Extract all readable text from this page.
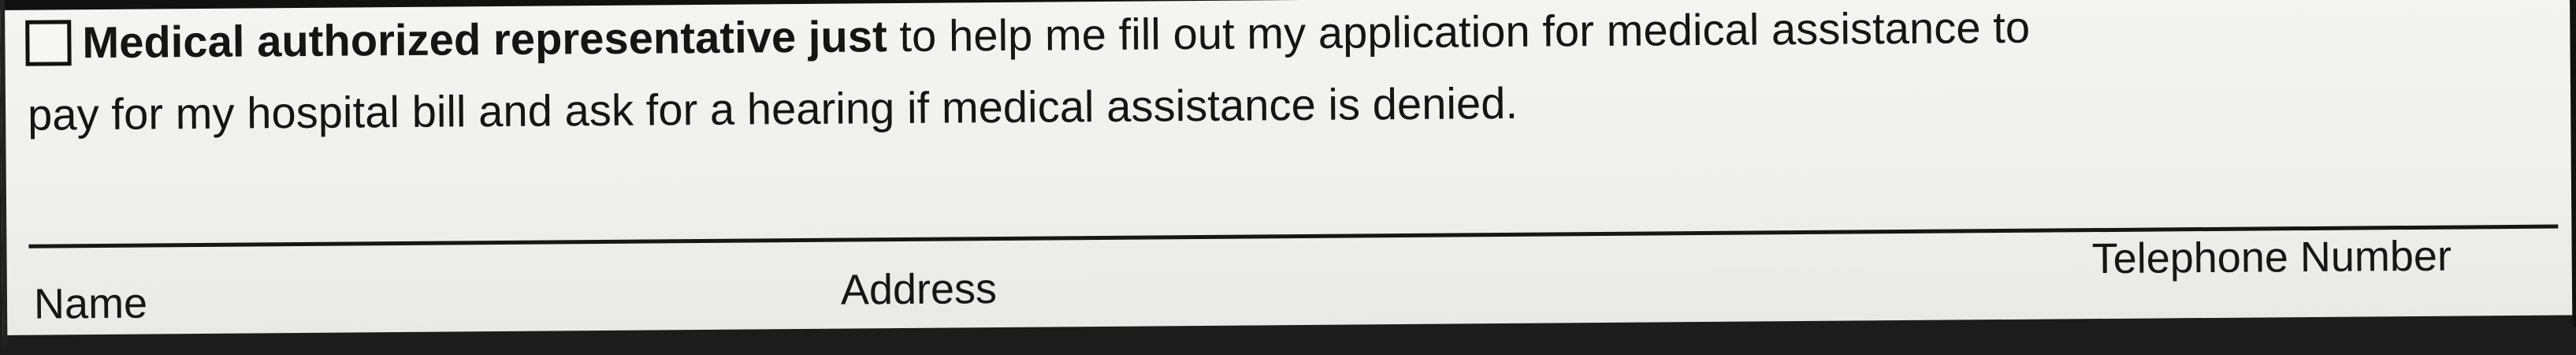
Medical authorized representative just to help me fill out my application for medical assistance to
pay for my hospital bill and ask for a hearing if medical assistance is denied.
Name	Address
Telephone Number
